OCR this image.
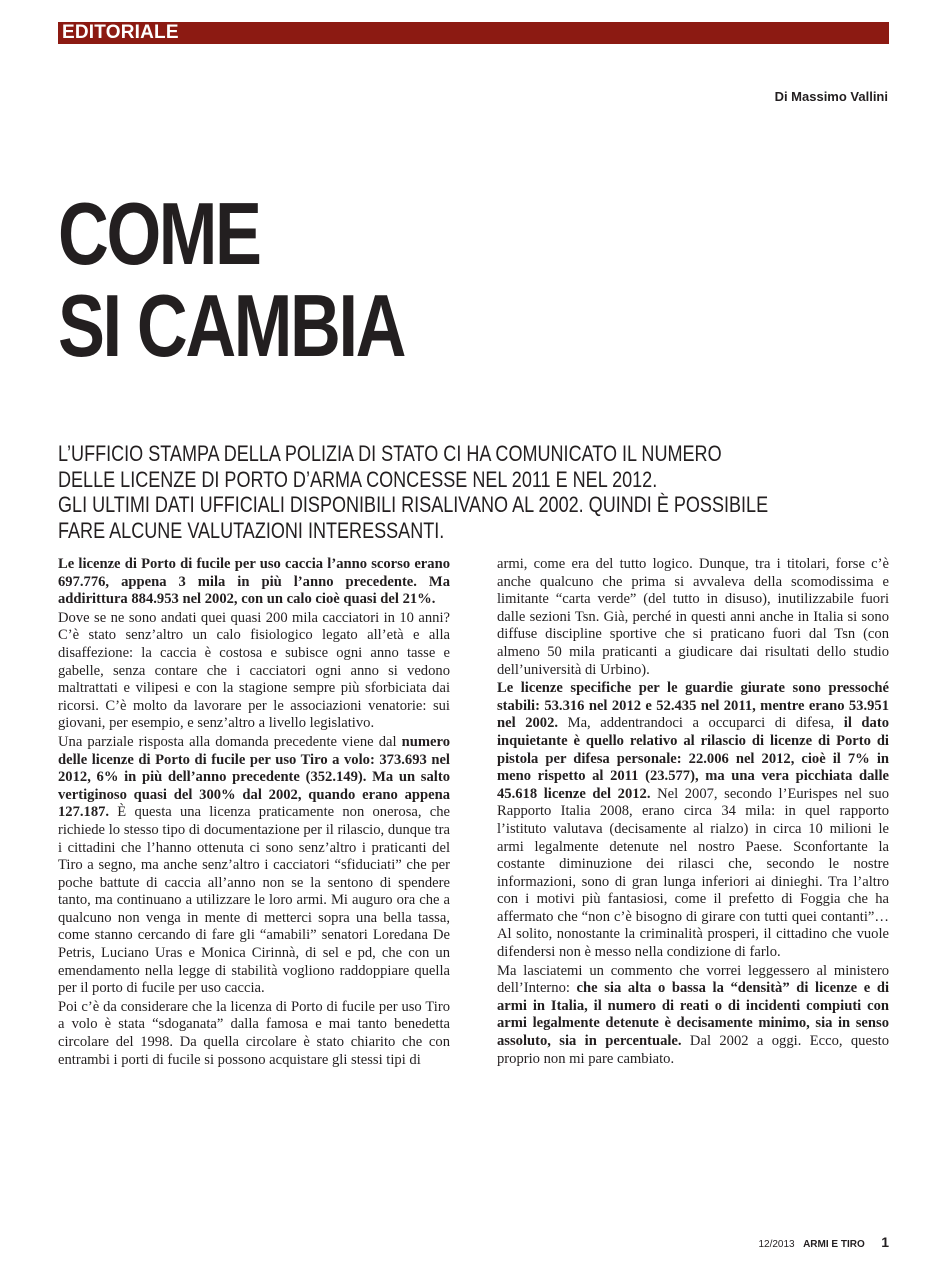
EDITORIALE
Di Massimo Vallini
COME
SI CAMBIA
L’UFFICIO STAMPA DELLA POLIZIA DI STATO CI HA COMUNICATO IL NUMERO
DELLE LICENZE DI PORTO D’ARMA CONCESSE NEL 2011 E NEL 2012.
GLI ULTIMI DATI UFFICIALI DISPONIBILI RISALIVANO AL 2002. QUINDI È POSSIBILE
FARE ALCUNE VALUTAZIONI INTERESSANTI.

Le licenze di Porto di fucile per uso caccia l’anno scorso erano 697.776, appena 3 mila in più l’anno precedente. Ma addirittura 884.953 nel 2002, con un calo cioè quasi del 21%.

Dove se ne sono andati quei quasi 200 mila cacciatori in 10 anni? C’è stato senz’altro un calo fisiologico legato all’età e alla disaffezione: la caccia è costosa e subisce ogni anno tasse e gabelle, senza contare che i cacciatori ogni anno si vedono maltrattati e vilipesi e con la stagione sempre più sforbiciata dai ricorsi. C’è molto da lavorare per le associazioni venatorie: sui giovani, per esempio, e senz’altro a livello legislativo.

Una parziale risposta alla domanda precedente viene dal numero delle licenze di Porto di fucile per uso Tiro a volo: 373.693 nel 2012, 6% in più dell’anno precedente (352.149). Ma un salto vertiginoso quasi del 300% dal 2002, quando erano appena 127.187. È questa una licenza praticamente non onerosa, che richiede lo stesso tipo di documentazione per il rilascio, dunque tra i cittadini che l’hanno ottenuta ci sono senz’altro i praticanti del Tiro a segno, ma anche senz’altro i cacciatori “sfiduciati” che per poche battute di caccia all’anno non se la sentono di spendere tanto, ma continuano a utilizzare le loro armi. Mi auguro ora che a qualcuno non venga in mente di metterci sopra una bella tassa, come stanno cercando di fare gli “amabili” senatori Loredana De Petris, Luciano Uras e Monica Cirinnà, di sel e pd, che con un emendamento nella legge di stabilità vogliono raddoppiare quella per il porto di fucile per uso caccia.

Poi c’è da considerare che la licenza di Porto di fucile per uso Tiro a volo è stata “sdoganata” dalla famosa e mai tanto benedetta circolare del 1998. Da quella circolare è stato chiarito che con entrambi i porti di fucile si possono acquistare gli stessi tipi di

armi, come era del tutto logico. Dunque, tra i titolari, forse c’è anche qualcuno che prima si avvaleva della scomodissima e limitante “carta verde” (del tutto in disuso), inutilizzabile fuori dalle sezioni Tsn. Già, perché in questi anni anche in Italia si sono diffuse discipline sportive che si praticano fuori dal Tsn (con almeno 50 mila praticanti a giudicare dai risultati dello studio dell’università di Urbino).

Le licenze specifiche per le guardie giurate sono pressoché stabili: 53.316 nel 2012 e 52.435 nel 2011, mentre erano 53.951 nel 2002. Ma, addentrandoci a occuparci di difesa, il dato inquietante è quello relativo al rilascio di licenze di Porto di pistola per difesa personale: 22.006 nel 2012, cioè il 7% in meno rispetto al 2011 (23.577), ma una vera picchiata dalle 45.618 licenze del 2012. Nel 2007, secondo l’Eurispes nel suo Rapporto Italia 2008, erano circa 34 mila: in quel rapporto l’istituto valutava (decisamente al rialzo) in circa 10 milioni le armi legalmente detenute nel nostro Paese. Sconfortante la costante diminuzione dei rilasci che, secondo le nostre informazioni, sono di gran lunga inferiori ai dinieghi. Tra l’altro con i motivi più fantasiosi, come il prefetto di Foggia che ha affermato che “non c’è bisogno di girare con tutti quei contanti”… Al solito, nonostante la criminalità prosperi, il cittadino che vuole difendersi non è messo nella condizione di farlo.

Ma lasciatemi un commento che vorrei leggessero al ministero dell’Interno: che sia alta o bassa la “densità” di licenze e di armi in Italia, il numero di reati o di incidenti compiuti con armi legalmente detenute è decisamente minimo, sia in senso assoluto, sia in percentuale. Dal 2002 a oggi. Ecco, questo proprio non mi pare cambiato.

12/2013 ARMI E TIRO 1
